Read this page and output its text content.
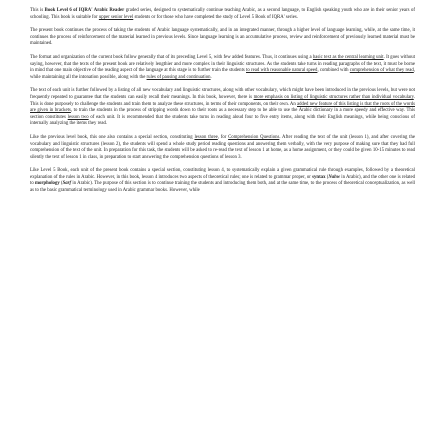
This is Book Level 6 of IQRA' Arabic Reader graded series, designed to systematically continue teaching Arabic, as a second language, to English speaking youth who are in their senior years of schooling. This book is suitable for upper senior level students or for those who have completed the study of Level 5 Book of IQRA' series.

The present book continues the process of taking the students of Arabic language systematically, and in an integrated manner, through a higher level of language learning, while, at the same time, it continues the process of reinforcement of the material learned in previous levels. Since language learning is an accumulative process, review and reinforcement of previously learned material must be maintained.

The format and organization of the current book follow generally that of its preceding Level 5, with few added features. Thus, it continues using a basic text as the central learning unit. It goes without saying, however, that the texts of the present book are relatively lengthier and more complex in their linguistic structures. As the students take turns in reading paragraphs of the text, it must be borne in mind that one main objective of the reading aspect of the language at this stage is to further train the students to read with reasonable natural speed, combined with comprehension of what they read, while maintaining all the intonation possible, along with the rules of pausing and continuation.

The text of each unit is further followed by a listing of all new vocabulary and linguistic structures, along with other vocabulary, which might have been introduced in the previous levels, but were not frequently repeated to guarantee that the students can easily recall their meanings. In this book, however, there is more emphasis on listing of linguistic structures rather than individual vocabulary. This is done purposely to challenge the students and train them to analyze these structures, in terms of their components, on their own. An added new feature of this listing is that the roots of the words are given in brackets, to train the students in the process of stripping words down to their roots as a necessary step to be able to use the Arabic dictionary in a more speedy and effective way. This section constitutes lesson two of each unit. It is recommended that the students take turns in reading aloud four to five entry items, along with their English meanings, while being conscious of internally analyzing the items they read.

Like the previous level book, this one also contains a special section, constituting lesson three, for Comprehension Questions. After reading the text of the unit (lesson 1), and after covering the vocabulary and linguistic structures (lesson 2), the students will spend a whole study period reading questions and answering them verbally, with the very purpose of making sure that they had full comprehension of the text of the unit. In preparation for this task, the students will be asked to re-read the text of lesson 1 at home, as a home assignment, or they could be given 10-15 minutes to read silently the text of lesson 1 in class, in preparation to start answering the comprehension questions of lesson 3.

Like Level 5 Book, each unit of the present book contains a special section, constituting lesson 4, to systematically explain a given grammatical rule through examples, followed by a theoretical explanation of the rules in Arabic. However, in this book, lesson 4 introduces two aspects of theoretical rules; one is related to grammar proper, or syntax (Nahw in Arabic), and the other one is related to morphology (Sarf in Arabic). The purpose of this section is to continue training the students and introducing them both, and at the same time, to the process of theoretical conceptualization, as well as to the basic grammatical terminology used in Arabic grammar books. However, while
